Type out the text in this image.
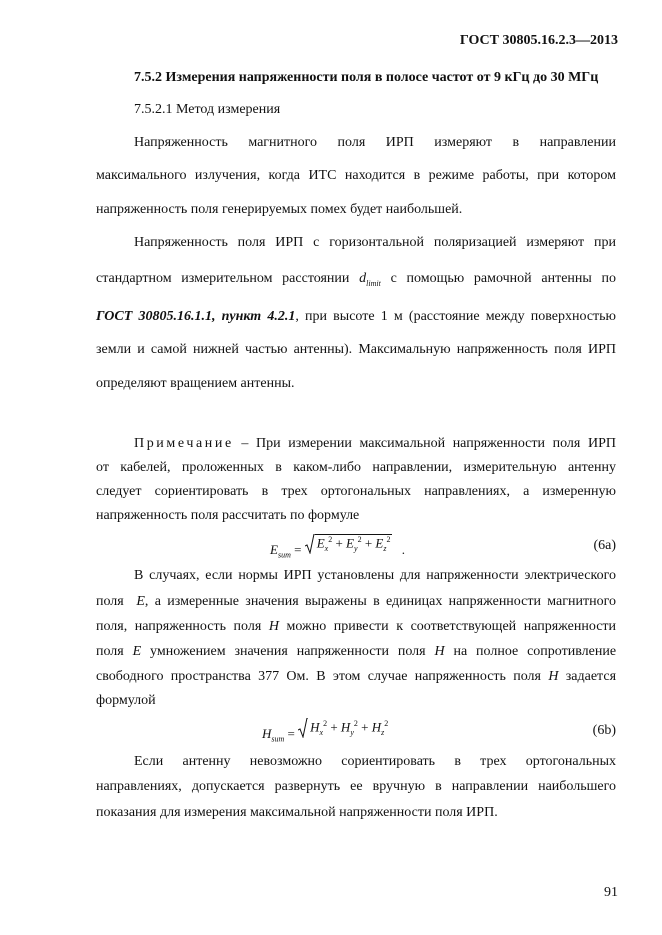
ГОСТ 30805.16.2.3—2013
7.5.2 Измерения напряженности поля в полосе частот от 9 кГц до 30 МГц
7.5.2.1 Метод измерения
Напряженность магнитного поля ИРП измеряют в направлении
максимального излучения, когда ИТС находится в режиме работы, при котором
напряженность поля генерируемых помех будет наибольшей.
Напряженность поля ИРП с горизонтальной поляризацией измеряют при
стандартном измерительном расстоянии $d_{limit}$ с помощью рамочной антенны по
ГОСТ 30805.16.1.1, пункт 4.2.1, при высоте 1 м (расстояние между поверхностью
земли и самой нижней частью антенны). Максимальную напряженность поля ИРП
определяют вращением антенны.
Примечание – При измерении максимальной напряженности поля ИРП
от кабелей, проложенных в каком-либо направлении, измерительную антенну
следует сориентировать в трех ортогональных направлениях, а измеренную
напряженность поля рассчитать по формуле
$E_{sum} = E_x^2 + E_y^2 + E_z^2$
.	(6a)
В случаях, если нормы ИРП установлены для напряженности электрического
поля E, а измеренные значения выражены в единицах напряженности магнитного
поля, напряженность поля H можно привести к соответствующей напряженности
поля E умножением значения напряженности поля H на полное сопротивление
свободного пространства 377 Ом. В этом случае напряженность поля H задается
формулой
$H_{sum} = H_x^2 + H_y^2 + H_z^2$	(6b)
Если антенну невозможно сориентировать в трех ортогональных
направлениях, допускается развернуть ее вручную в направлении наибольшего
показания для измерения максимальной напряженности поля ИРП.
91
